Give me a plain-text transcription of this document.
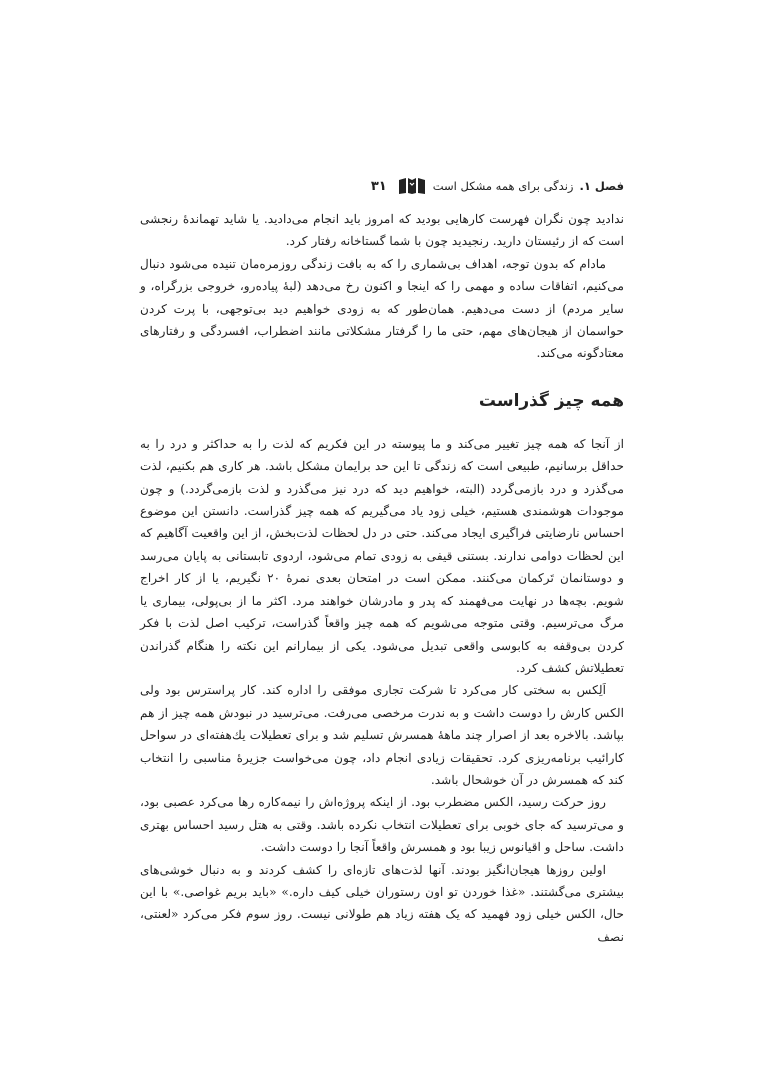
فصل ۱.
زندگی برای همه مشکل است
۳۱

نداديد چون نگران فهرست كارهايی بوديد كه امروز بايد انجام می‌داديد. يا شايد تهماندهٔ رنجشی است كه از رئيستان داريد. رنجيديد چون با شما گستاخانه رفتار كرد.

مادام كه بدون توجه، اهداف بی‌شماری را كه به بافت زندگی روزمره‌مان تنيده می‌شود دنبال می‌كنيم، اتفاقات ساده و مهمی را كه اينجا و اكنون رخ می‌دهد (لبهٔ پياده‌رو، خروجی بزرگراه، و ساير مردم) از دست می‌دهيم. همان‌طور كه به زودی خواهيم ديد بی‌توجهی، با پرت كردن حواسمان از هيجان‌های مهم، حتی ما را گرفتار مشكلاتی مانند اضطراب، افسردگی و رفتارهای معتادگونه می‌كند.

همه چيز گذراست

از آنجا كه همه چيز تغيير می‌كند و ما پيوسته در اين فكريم كه لذت را به حداكثر و درد را به حداقل برسانيم، طبيعی است كه زندگی تا اين حد برايمان مشكل باشد. هر كاری هم بكنيم، لذت می‌گذرد و درد بازمی‌گردد (البته، خواهيم ديد كه درد نيز می‌گذرد و لذت بازمی‌گردد.) و چون موجودات هوشمندی هستيم، خيلی زود ياد می‌گيريم كه همه چيز گذراست. دانستن اين موضوع احساس نارضايتی فراگيری ايجاد می‌كند. حتی در دل لحظات لذت‌بخش، از اين واقعيت آگاهيم كه اين لحظات دوامی ندارند. بستنی قيفی به زودی تمام می‌شود، اردوی تابستانی به پايان می‌رسد و دوستانمان تَركمان می‌كنند. ممكن است در امتحان بعدی نمرهٔ ۲۰ نگيريم، يا از كار اخراج شويم. بچه‌ها در نهايت می‌فهمند كه پدر و مادرشان خواهند مرد. اكثر ما از بی‌پولی، بيماری يا مرگ می‌ترسيم. وقتی متوجه می‌شويم كه همه چيز واقعاً گذراست، تركيب اصل لذت با فكر كردن بی‌وقفه به كابوسی واقعی تبديل می‌شود. يكی از بيمارانم اين نكته را هنگام گذراندن تعطيلاتش كشف كرد.

اَلِكس به سختی كار می‌كرد تا شركت تجاری موفقی را اداره كند. كار پراسترس بود ولی الكس كارش را دوست داشت و به ندرت مرخصی می‌رفت. می‌ترسيد در نبودش همه چيز از هم بپاشد. بالاخره بعد از اصرار چند ماههٔ همسرش تسليم شد و برای تعطيلات يك‌هفته‌ای در سواحل كارائيب برنامه‌ريزی كرد. تحقيقات زيادی انجام داد، چون می‌خواست جزيرهٔ مناسبی را انتخاب كند كه همسرش در آن خوشحال باشد.

روز حركت رسيد، الكس مضطرب بود. از اينكه پروژه‌اش را نيمه‌كاره رها می‌كرد عصبی بود، و می‌ترسيد كه جای خوبی برای تعطيلات انتخاب نكرده باشد. وقتی به هتل رسيد احساس بهتری داشت. ساحل و اقيانوس زيبا بود و همسرش واقعاً آنجا را دوست داشت.

اولين روزها هيجان‌انگيز بودند. آنها لذت‌های تازه‌ای را كشف كردند و به دنبال خوشی‌های بيشتری می‌گشتند. «غذا خوردن تو اون رستوران خيلی كيف داره.» «بايد بريم غواصی.» با اين حال، الكس خيلی زود فهميد كه يک هفته زياد هم طولانی نيست. روز سوم فكر می‌كرد «لعنتی، نصف
